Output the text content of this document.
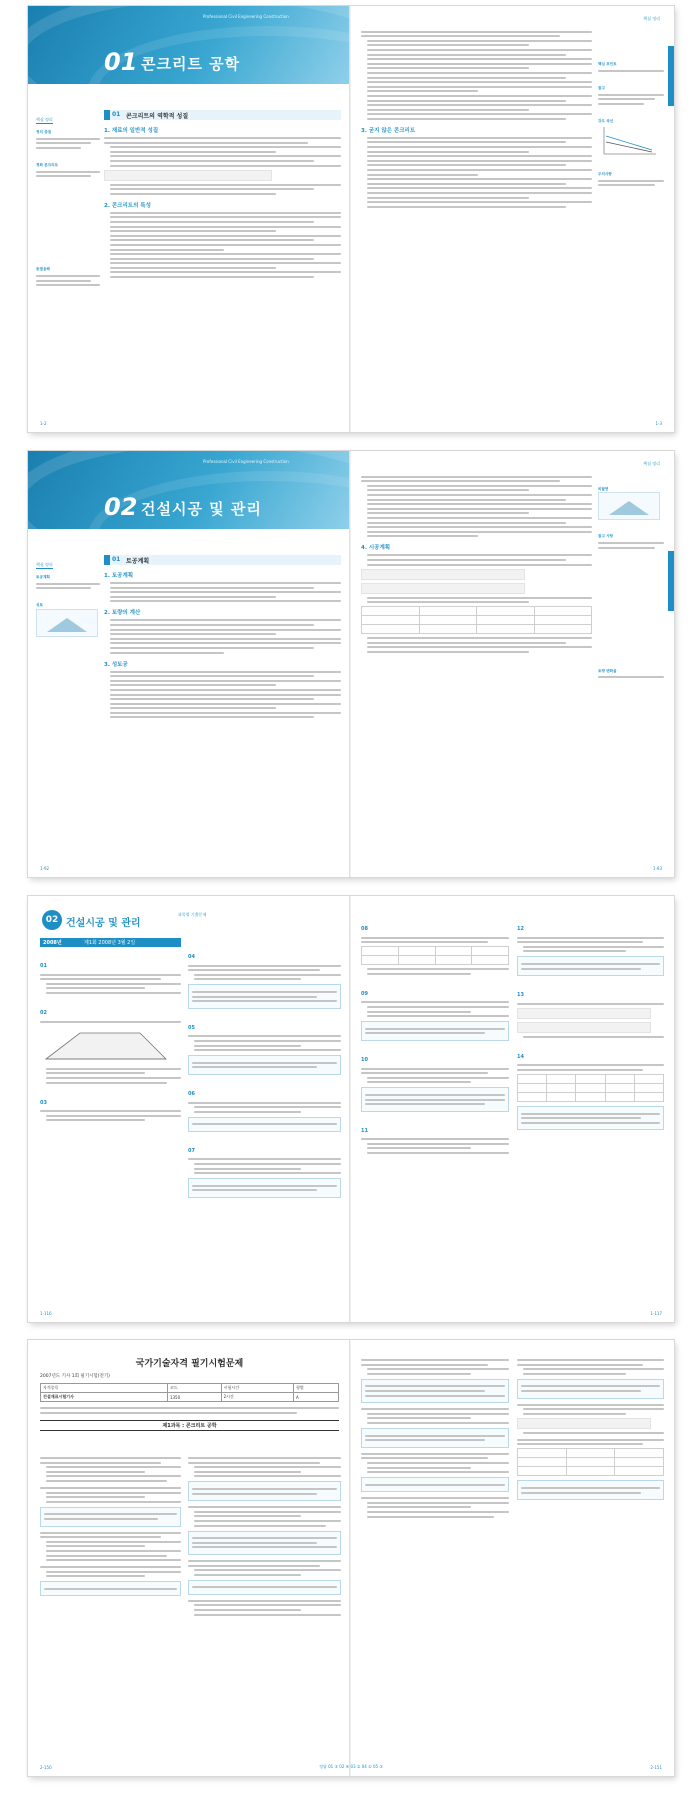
Professional Civil Engineering Construction
01 콘크리트 공학
핵심 정리
정의 중점
경화 콘크리트
동결융해
01 콘크리트의 역학적 성질
1. 재료의 일반적 성질
2. 콘크리트의 특성
1-2
핵심 정리
3. 굳지 않은 콘크리트
핵심 포인트
참고
강도 곡선
주의사항
1-3
Professional Civil Engineering Construction
02 건설시공 및 관리
핵심 정리
토공계획
성토
01 토공계획
1. 토공계획
2. 토량의 계산
3. 성토공
1-92
핵심 정리
4. 시공계획

비탈면
참고 사항
토량 변화율
1-93
02 건설시공 및 관리
과목별 기출문제
2008년	제1회 2008년 3월 2일
01
02
03
04
05
06
07
1-116
08

09
10
11
12
13
14

1-117
국가기술자격 필기시험문제
2007년도 기사 1회 필기시험(전기)
자격종목	코드	시험시간	형별
건설재료시험기사	1350	2시간	A
제1과목 : 콘크리트 공학
2-150

			2-151
정답 01 ③ 02 ④ 03 ② 04 ① 05 ③
